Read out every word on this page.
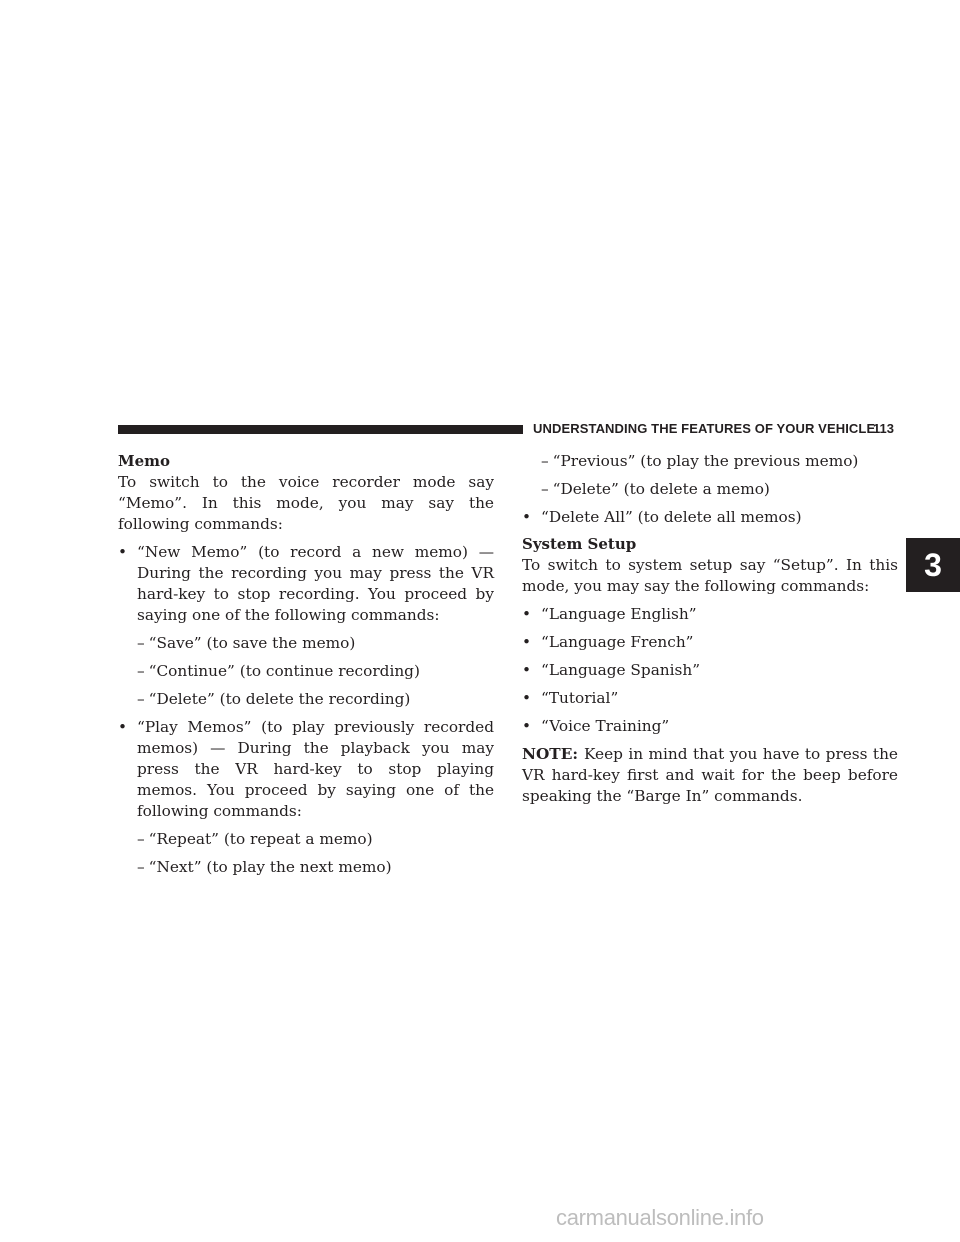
UNDERSTANDING THE FEATURES OF YOUR VEHICLE
113
3
Memo
To switch to the voice recorder mode say “Memo”. In this mode, you may say the following commands:
• “New Memo” (to record a new memo) — During the recording you may press the VR hard-key to stop recording. You proceed by saying one of the following commands:
– “Save” (to save the memo)
– “Continue” (to continue recording)
– “Delete” (to delete the recording)
• “Play Memos” (to play previously recorded memos) — During the playback you may press the VR hard-key to stop playing memos. You proceed by saying one of the following commands:
– “Repeat” (to repeat a memo)
– “Next” (to play the next memo)
– “Previous” (to play the previous memo)
– “Delete” (to delete a memo)
• “Delete All” (to delete all memos)
System Setup
To switch to system setup say “Setup”. In this mode, you may say the following commands:
• “Language English”
• “Language French”
• “Language Spanish”
• “Tutorial”
• “Voice Training”
NOTE: Keep in mind that you have to press the VR hard-key first and wait for the beep before speaking the “Barge In” commands.
carmanualsonline.info
